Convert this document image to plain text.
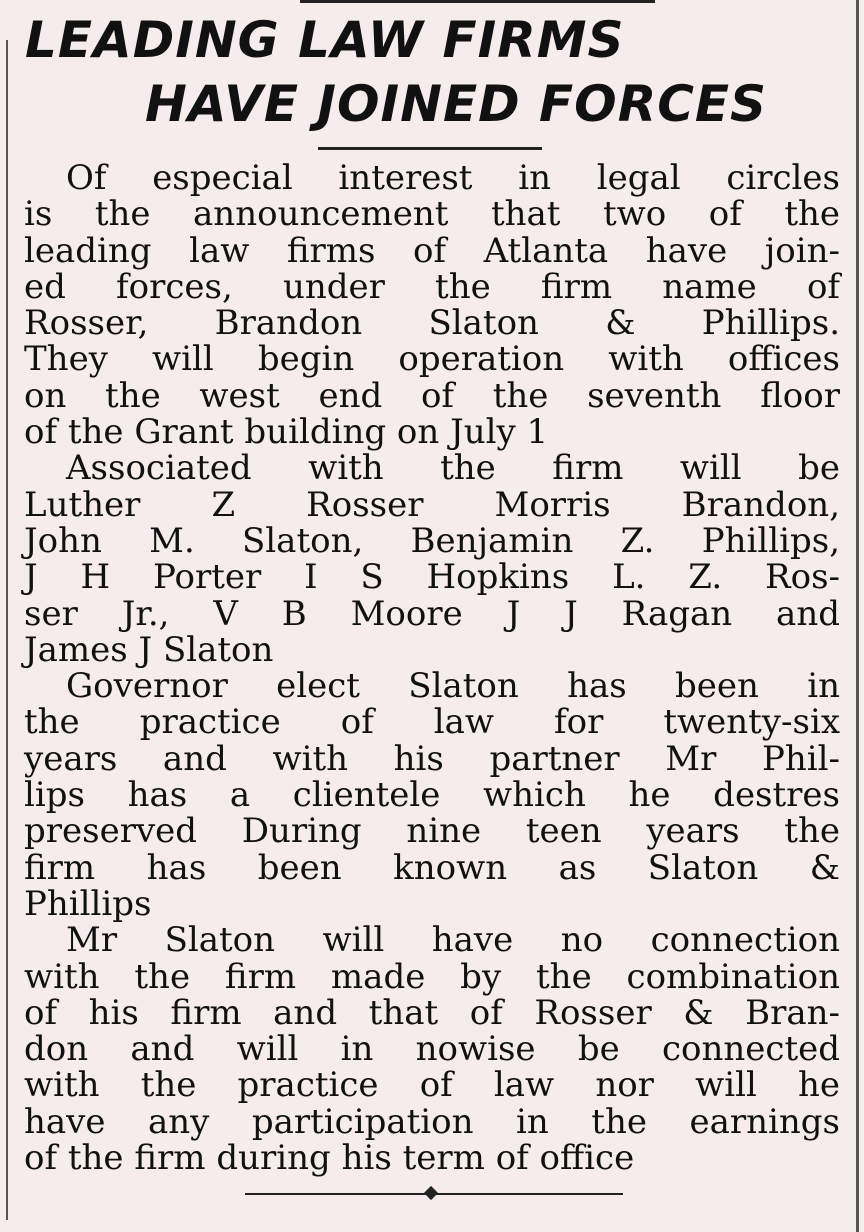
LEADING LAW FIRMS
HAVE JOINED FORCES

Of especial interest in legal circles
is the announcement that two of the
leading law firms of Atlanta have join-
ed forces, under the firm name of
Rosser, Brandon Slaton & Phillips.
They will begin operation with offices
on the west end of the seventh floor
of the Grant building on July 1

Associated with the firm will be
Luther Z Rosser Morris Brandon,
John M. Slaton, Benjamin Z. Phillips,
J H Porter I S Hopkins L. Z. Ros-
ser Jr., V B Moore J J Ragan and
James J Slaton

Governor elect Slaton has been in
the practice of law for twenty-six
years and with his partner Mr Phil-
lips has a clientele which he destres
preserved During nine teen years the
firm has been known as Slaton &
Phillips

Mr Slaton will have no connection
with the firm made by the combination
of his firm and that of Rosser & Bran-
don and will in nowise be connected
with the practice of law nor will he
have any participation in the earnings
of the firm during his term of office
